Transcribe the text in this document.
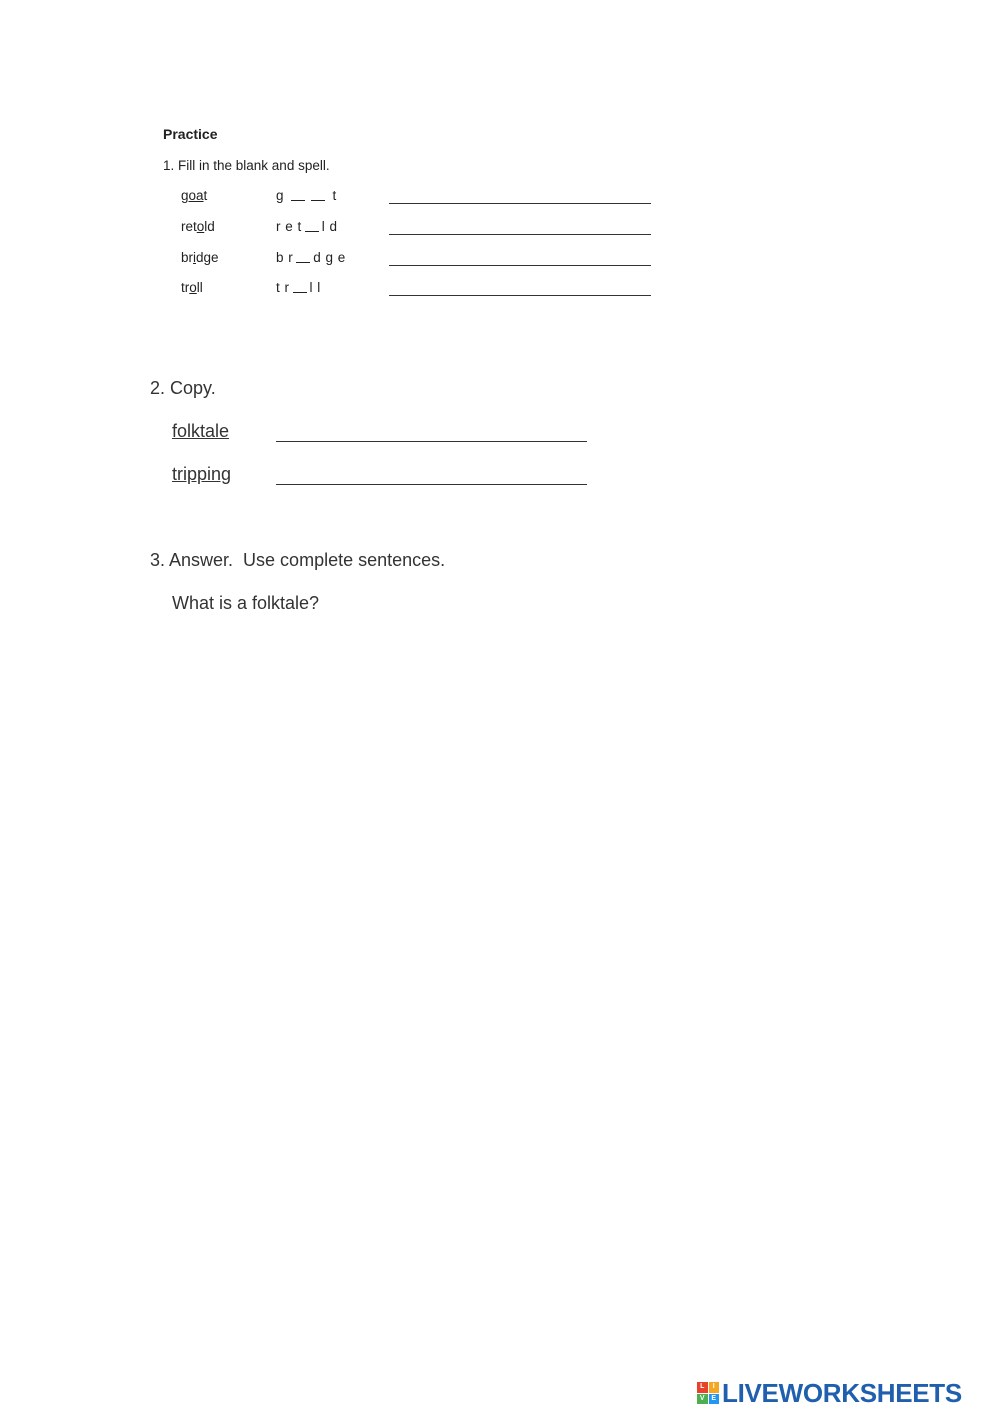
Practice
1. Fill in the blank and spell.
goat	g	t
retold	r e t l d
bridge	b r d g e
troll	t r l l
2. Copy.
folktale
tripping
3. Answer.  Use complete sentences.
What is a folktale?
L	I
V E LIVEWORKSHEETS
